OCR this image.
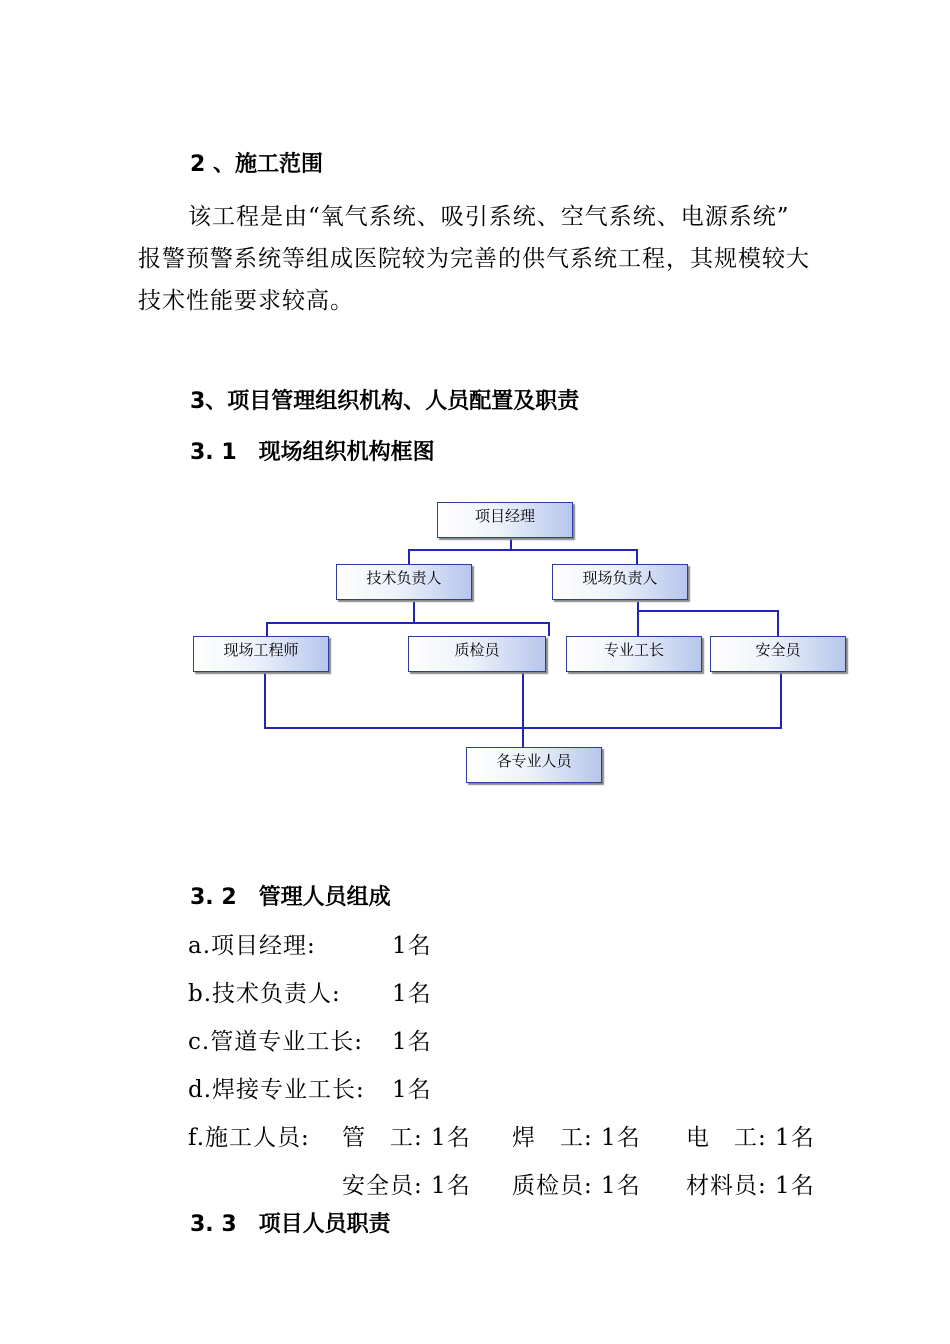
2 、施工范围
该工程是由“氧气系统、吸引系统、空气系统、电源系统”
报警预警系统等组成医院较为完善的供气系统工程，其规模较大
技术性能要求较高。
3、项目管理组织机构、人员配置及职责
3. 1　现场组织机构框图
项目经理
技术负责人	现场负责人
现场工程师	质检员	专业工长	安全员
各专业人员
3. 2　管理人员组成
a.项目经理:	1名
b.技术负责人: 1名
c.管道专业工长: 1名
d.焊接专业工长: 1名
f.施工人员: 管　工: 1名 焊　工: 1名 电　工: 1名
安全员: 1名 质检员: 1名 材料员: 1名
3. 3　项目人员职责
